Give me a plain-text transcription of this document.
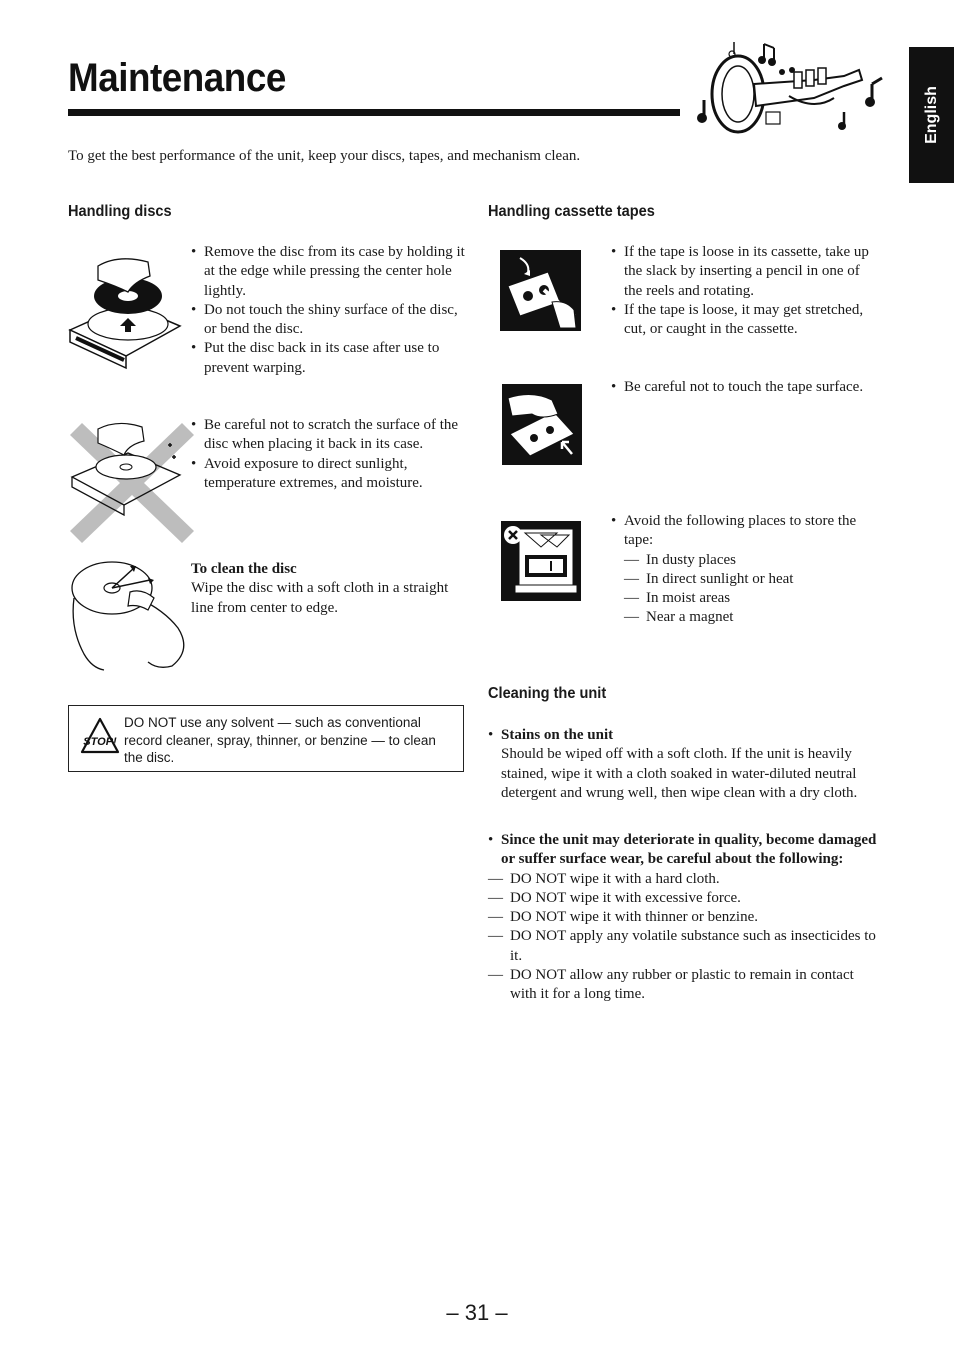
Maintenance
English
To get the best performance of the unit, keep your discs, tapes, and mechanism clean.
Handling discs
• Remove the disc from its case by holding it at the edge while pressing the center hole lightly.
• Do not touch the shiny surface of the disc, or bend the disc.
• Put the disc back in its case after use to prevent warping.
• Be careful not to scratch the surface of the disc when placing it back in its case.
• Avoid exposure to direct sunlight, temperature extremes, and moisture.
To clean the disc
Wipe the disc with a soft cloth in a straight line from center to edge.
STOP!
DO NOT use any solvent — such as conventional record cleaner, spray, thinner, or benzine — to clean the disc.
Handling cassette tapes
• If the tape is loose in its cassette, take up the slack by inserting a pencil in one of the reels and rotating.
• If the tape is loose, it may get stretched, cut, or caught in the cassette.
• Be careful not to touch the tape surface.
• Avoid the following places to store the tape:
— In dusty places
— In direct sunlight or heat
— In moist areas
— Near a magnet
Cleaning the unit
• Stains on the unit
Should be wiped off with a soft cloth. If the unit is heavily stained, wipe it with a cloth soaked in water-diluted neutral detergent and wrung well, then wipe clean with a dry cloth.
• Since the unit may deteriorate in quality, become damaged or suffer surface wear, be careful about the following:
— DO NOT wipe it with a hard cloth.
— DO NOT wipe it with excessive force.
— DO NOT wipe it with thinner or benzine.
— DO NOT apply any volatile substance such as insecticides to it.
— DO NOT allow any rubber or plastic to remain in contact with it for a long time.
– 31 –
